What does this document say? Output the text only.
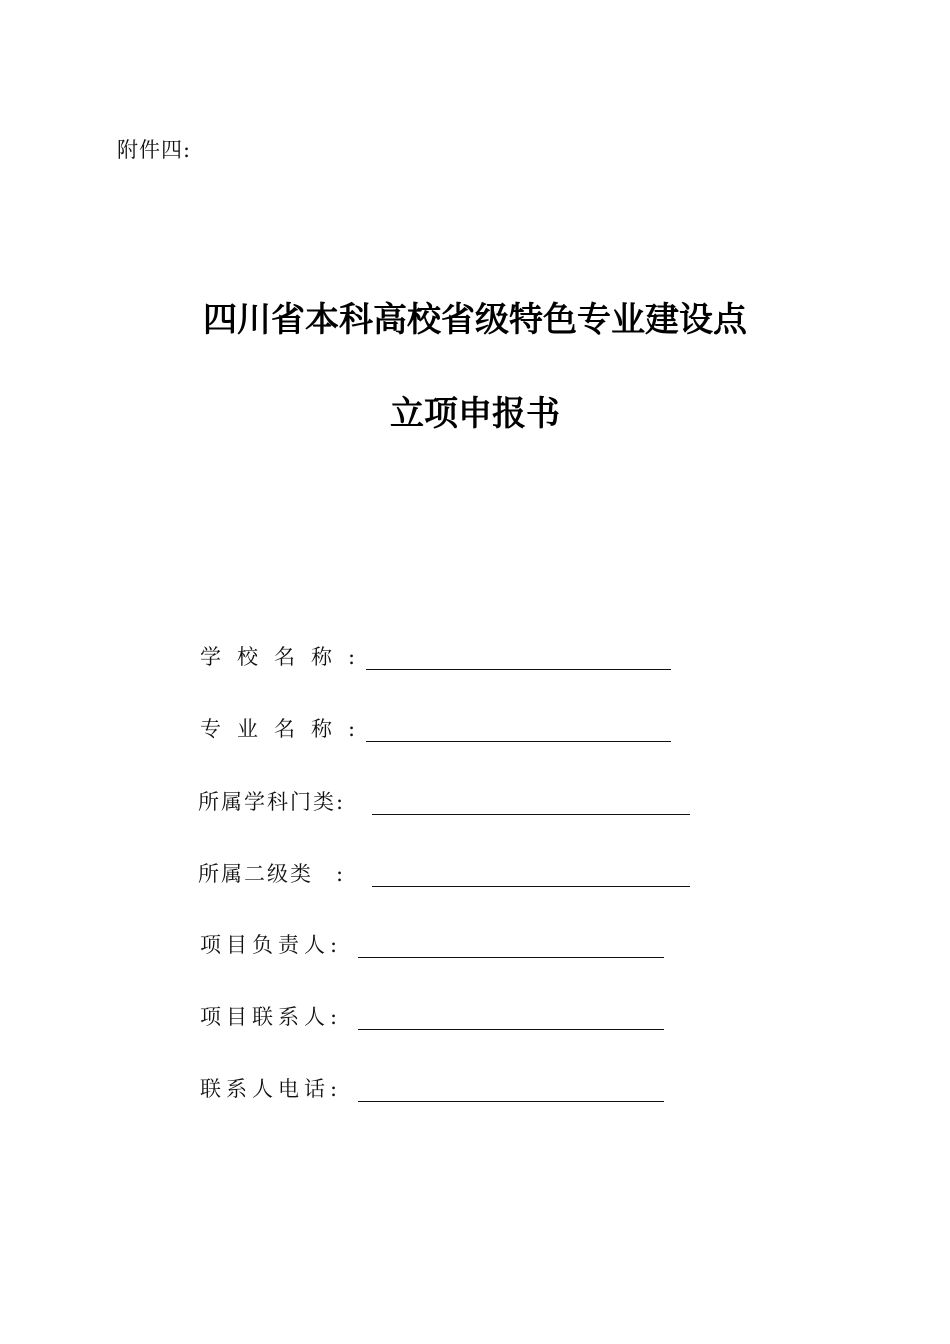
附件四:
四川省本科高校省级特色专业建设点
立项申报书
学校名称:
专业名称:
所属学科门类:
所属二级类　:
项目负责人:
项目联系人:
联系人电话:
